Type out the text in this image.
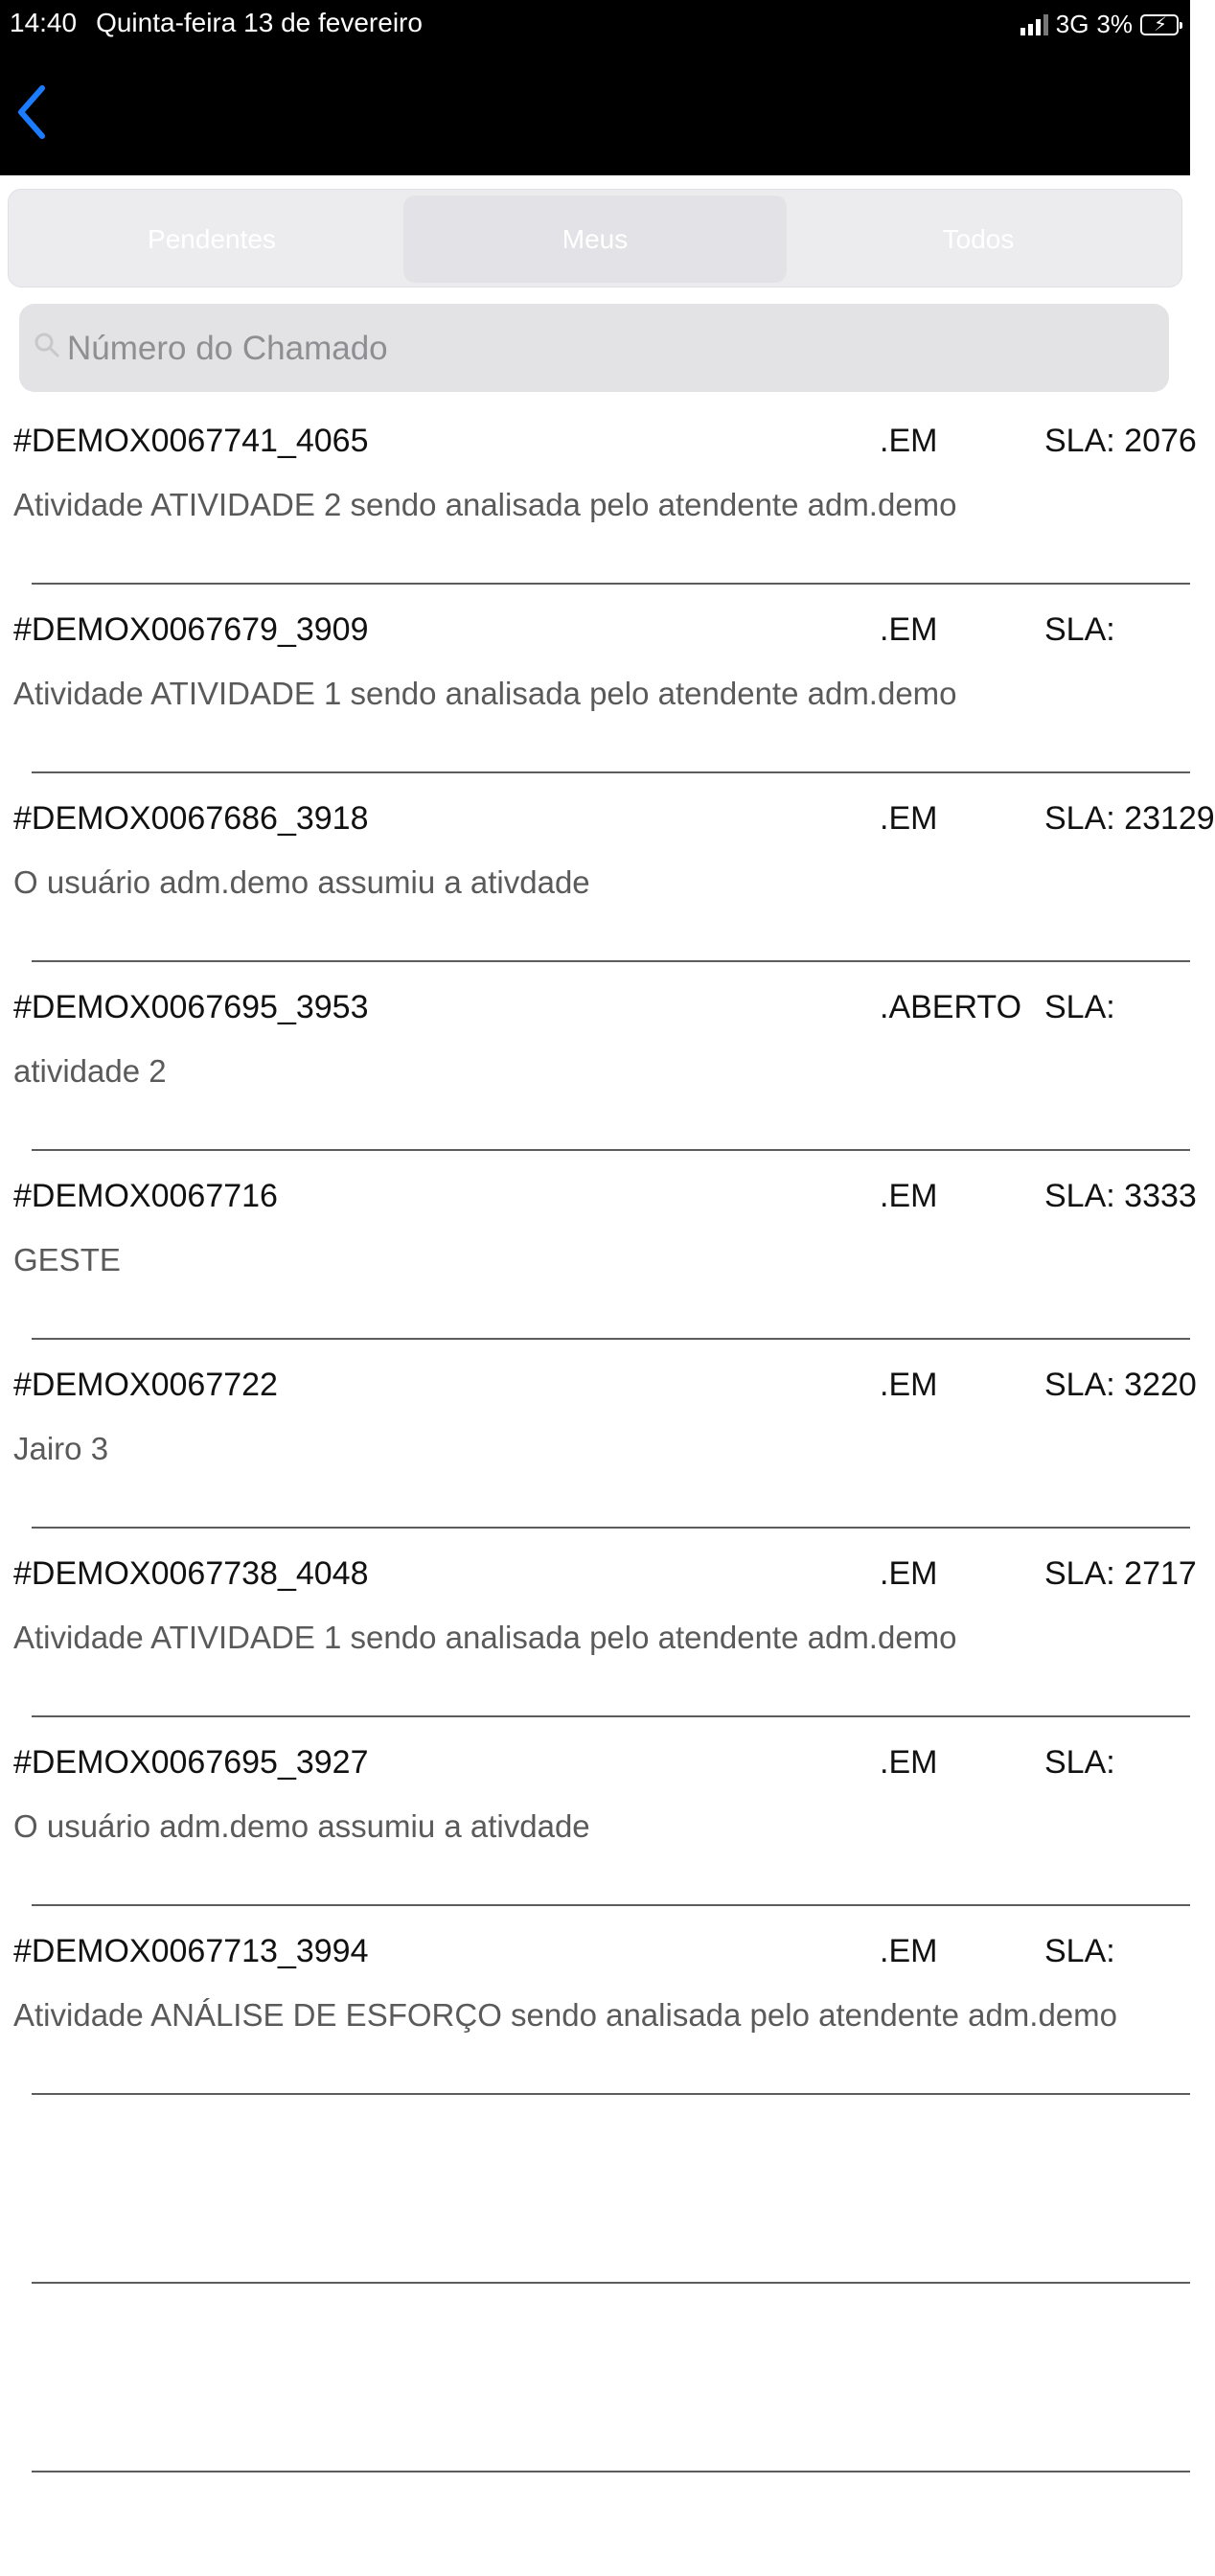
14:40 Quinta-feira 13 de fevereiro	3G 3% ⚡
Pendentes	Meus	Todos
Número do Chamado
#DEMOX0067741_4065	.EM	SLA: 2076
Atividade ATIVIDADE 2 sendo analisada pelo atendente adm.demo
#DEMOX0067679_3909	.EM	SLA:
Atividade ATIVIDADE 1 sendo analisada pelo atendente adm.demo
#DEMOX0067686_3918	.EM	SLA: 23129
O usuário adm.demo assumiu a ativdade
#DEMOX0067695_3953	.ABERTO SLA:
atividade 2
#DEMOX0067716	.EM	SLA: 3333
GESTE
#DEMOX0067722	.EM	SLA: 3220
Jairo 3
#DEMOX0067738_4048	.EM	SLA: 2717
Atividade ATIVIDADE 1 sendo analisada pelo atendente adm.demo
#DEMOX0067695_3927	.EM	SLA:
O usuário adm.demo assumiu a ativdade
#DEMOX0067713_3994	.EM	SLA:
Atividade ANÁLISE DE ESFORÇO sendo analisada pelo atendente adm.demo
